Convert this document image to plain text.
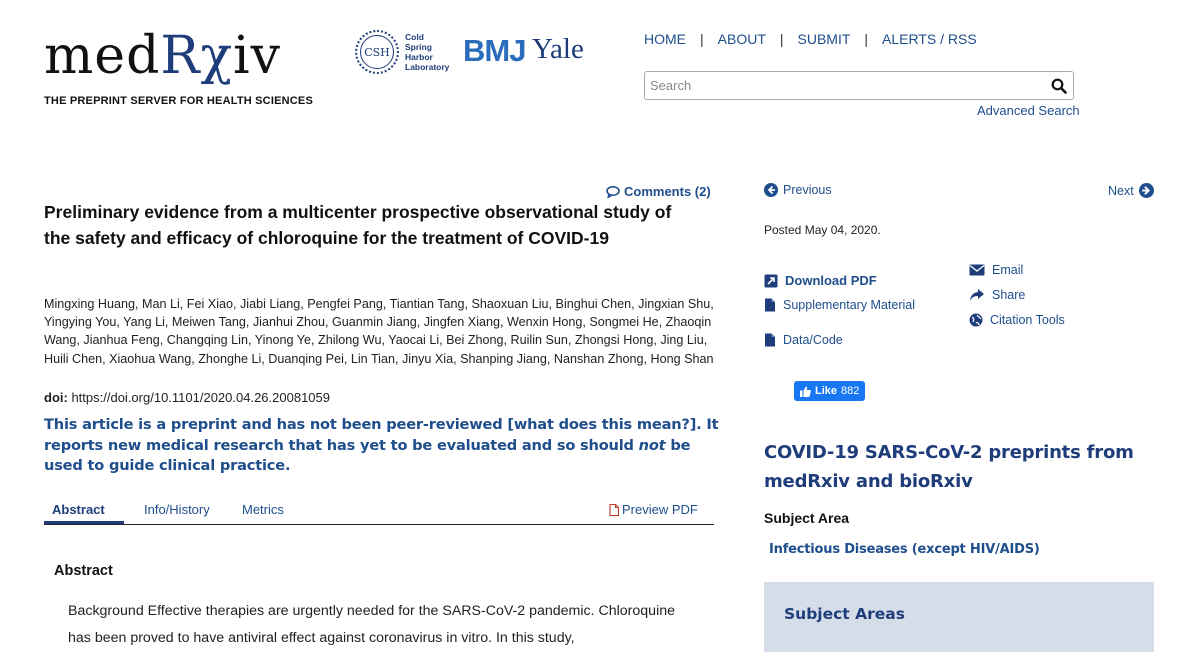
medRχiv
THE PREPRINT SERVER FOR HEALTH SCIENCES
CSH
Cold
Spring
Harbor
Laboratory BMJ Yale	HOME | ABOUT | SUBMIT | ALERTS / RSS
Search
Advanced Search
Comments (2)
Preliminary evidence from a multicenter prospective observational study of the safety and efficacy of chloroquine for the treatment of COVID-19
Mingxing Huang, Man Li, Fei Xiao, Jiabi Liang, Pengfei Pang, Tiantian Tang, Shaoxuan Liu, Binghui Chen, Jingxian Shu, Yingying You, Yang Li, Meiwen Tang, Jianhui Zhou, Guanmin Jiang, Jingfen Xiang, Wenxin Hong, Songmei He, Zhaoqin Wang, Jianhua Feng, Changqing Lin, Yinong Ye, Zhilong Wu, Yaocai Li, Bei Zhong, Ruilin Sun, Zhongsi Hong, Jing Liu, Huili Chen, Xiaohua Wang, Zhonghe Li, Duanqing Pei, Lin Tian, Jinyu Xia, Shanping Jiang, Nanshan Zhong, Hong Shan
doi: https://doi.org/10.1101/2020.04.26.20081059
This article is a preprint and has not been peer-reviewed [what does this mean?]. It reports new medical research that has yet to be evaluated and so should not be used to guide clinical practice.
Abstract	Info/History Metrics	Preview PDF
Abstract

Background Effective therapies are urgently needed for the SARS-CoV-2 pandemic. Chloroquine has been proved to have antiviral effect against coronavirus in vitro. In this study,

Previous	Next
Posted May 04, 2020.
Download PDF
Supplementary Material
Data/Code
Email
Share
Citation Tools
Like 882
COVID-19 SARS-CoV-2 preprints from medRxiv and bioRxiv
Subject Area
Infectious Diseases (except HIV/AIDS)
Subject Areas
